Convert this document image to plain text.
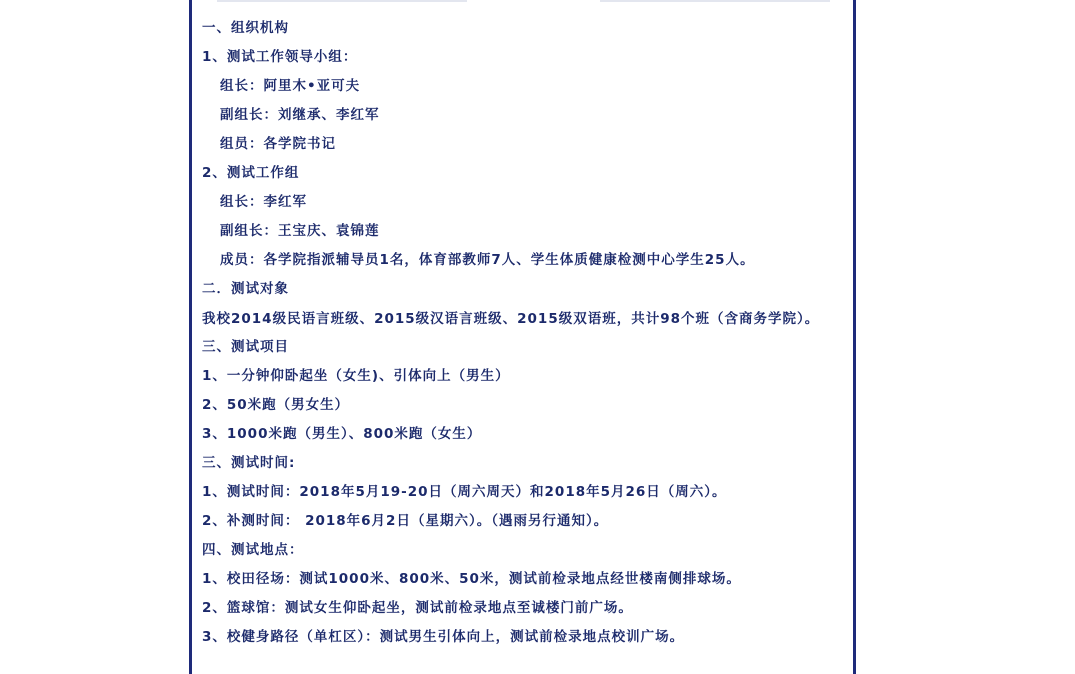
一、组织机构
1、测试工作领导小组：
组长：阿里木•亚可夫
副组长：刘继承、李红军
组员：各学院书记
2、测试工作组
组长：李红军
副组长：王宝庆、袁锦莲
成员：各学院指派辅导员1名，体育部教师7人、学生体质健康检测中心学生25人。
二．测试对象
我校2014级民语言班级、2015级汉语言班级、2015级双语班，共计98个班（含商务学院）。
三、测试项目
1、一分钟仰卧起坐（女生)、引体向上（男生）
2、50米跑（男女生）
3、1000米跑（男生）、800米跑（女生）
三、测试时间:
1、测试时间：2018年5月19-20日（周六周天）和2018年5月26日（周六）。
2、补测时间： 2018年6月2日（星期六）。（遇雨另行通知）。
四、测试地点：
1、校田径场：测试1000米、800米、50米，测试前检录地点经世楼南侧排球场。
2、篮球馆：测试女生仰卧起坐，测试前检录地点至诚楼门前广场。
3、校健身路径（单杠区）：测试男生引体向上，测试前检录地点校训广场。
